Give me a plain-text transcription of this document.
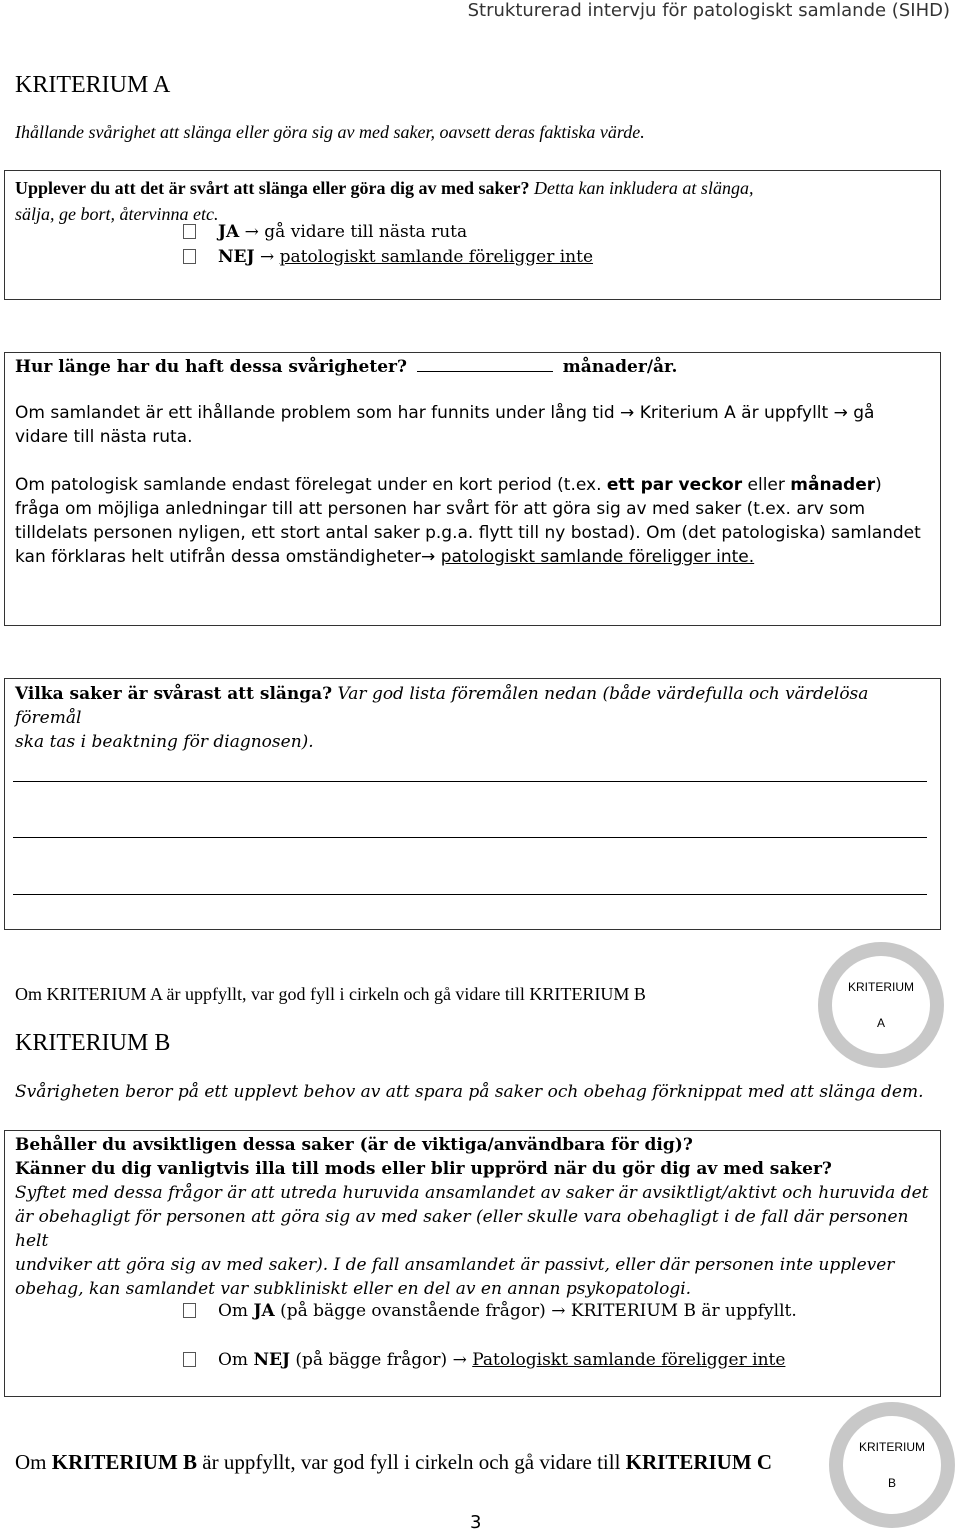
Strukturerad intervju för patologiskt samlande (SIHD)
KRITERIUM A
Ihållande svårighet att slänga eller göra sig av med saker, oavsett deras faktiska värde.
Upplever du att det är svårt att slänga eller göra dig av med saker? Detta kan inkludera at slänga,
sälja, ge bort, återvinna etc.
JA → gå vidare till nästa ruta
NEJ → patologiskt samlande föreligger inte
Hur länge har du haft dessa svårigheter?	månader/år.
Om samlandet är ett ihållande problem som har funnits under lång tid → Kriterium A är uppfyllt → gå
vidare till nästa ruta.
Om patologisk samlande endast förelegat under en kort period (t.ex. ett par veckor eller månader)
fråga om möjliga anledningar till att personen har svårt för att göra sig av med saker (t.ex. arv som
tilldelats personen nyligen, ett stort antal saker p.g.a. flytt till ny bostad). Om (det patologiska) samlandet
kan förklaras helt utifrån dessa omständigheter→ patologiskt samlande föreligger inte.
Vilka saker är svårast att slänga? Var god lista föremålen nedan (både värdefulla och värdelösa föremål
ska tas i beaktning för diagnosen).
Om KRITERIUM A är uppfyllt, var god fyll i cirkeln och gå vidare till KRITERIUM B	KRITERIUM
A
KRITERIUM B
Svårigheten beror på ett upplevt behov av att spara på saker och obehag förknippat med att slänga dem.
Behåller du avsiktligen dessa saker (är de viktiga/användbara för dig)?
Känner du dig vanligtvis illa till mods eller blir upprörd när du gör dig av med saker?
Syftet med dessa frågor är att utreda huruvida ansamlandet av saker är avsiktligt/aktivt och huruvida det
är obehagligt för personen att göra sig av med saker (eller skulle vara obehagligt i de fall där personen helt
undviker att göra sig av med saker). I de fall ansamlandet är passivt, eller där personen inte upplever
obehag, kan samlandet var subkliniskt eller en del av en annan psykopatologi.
Om JA (på bägge ovanstående frågor) → KRITERIUM B är uppfyllt.
Om NEJ (på bägge frågor) → Patologiskt samlande föreligger inte
Om KRITERIUM B är uppfyllt, var god fyll i cirkeln och gå vidare till KRITERIUM C
KRITERIUM
B
3
